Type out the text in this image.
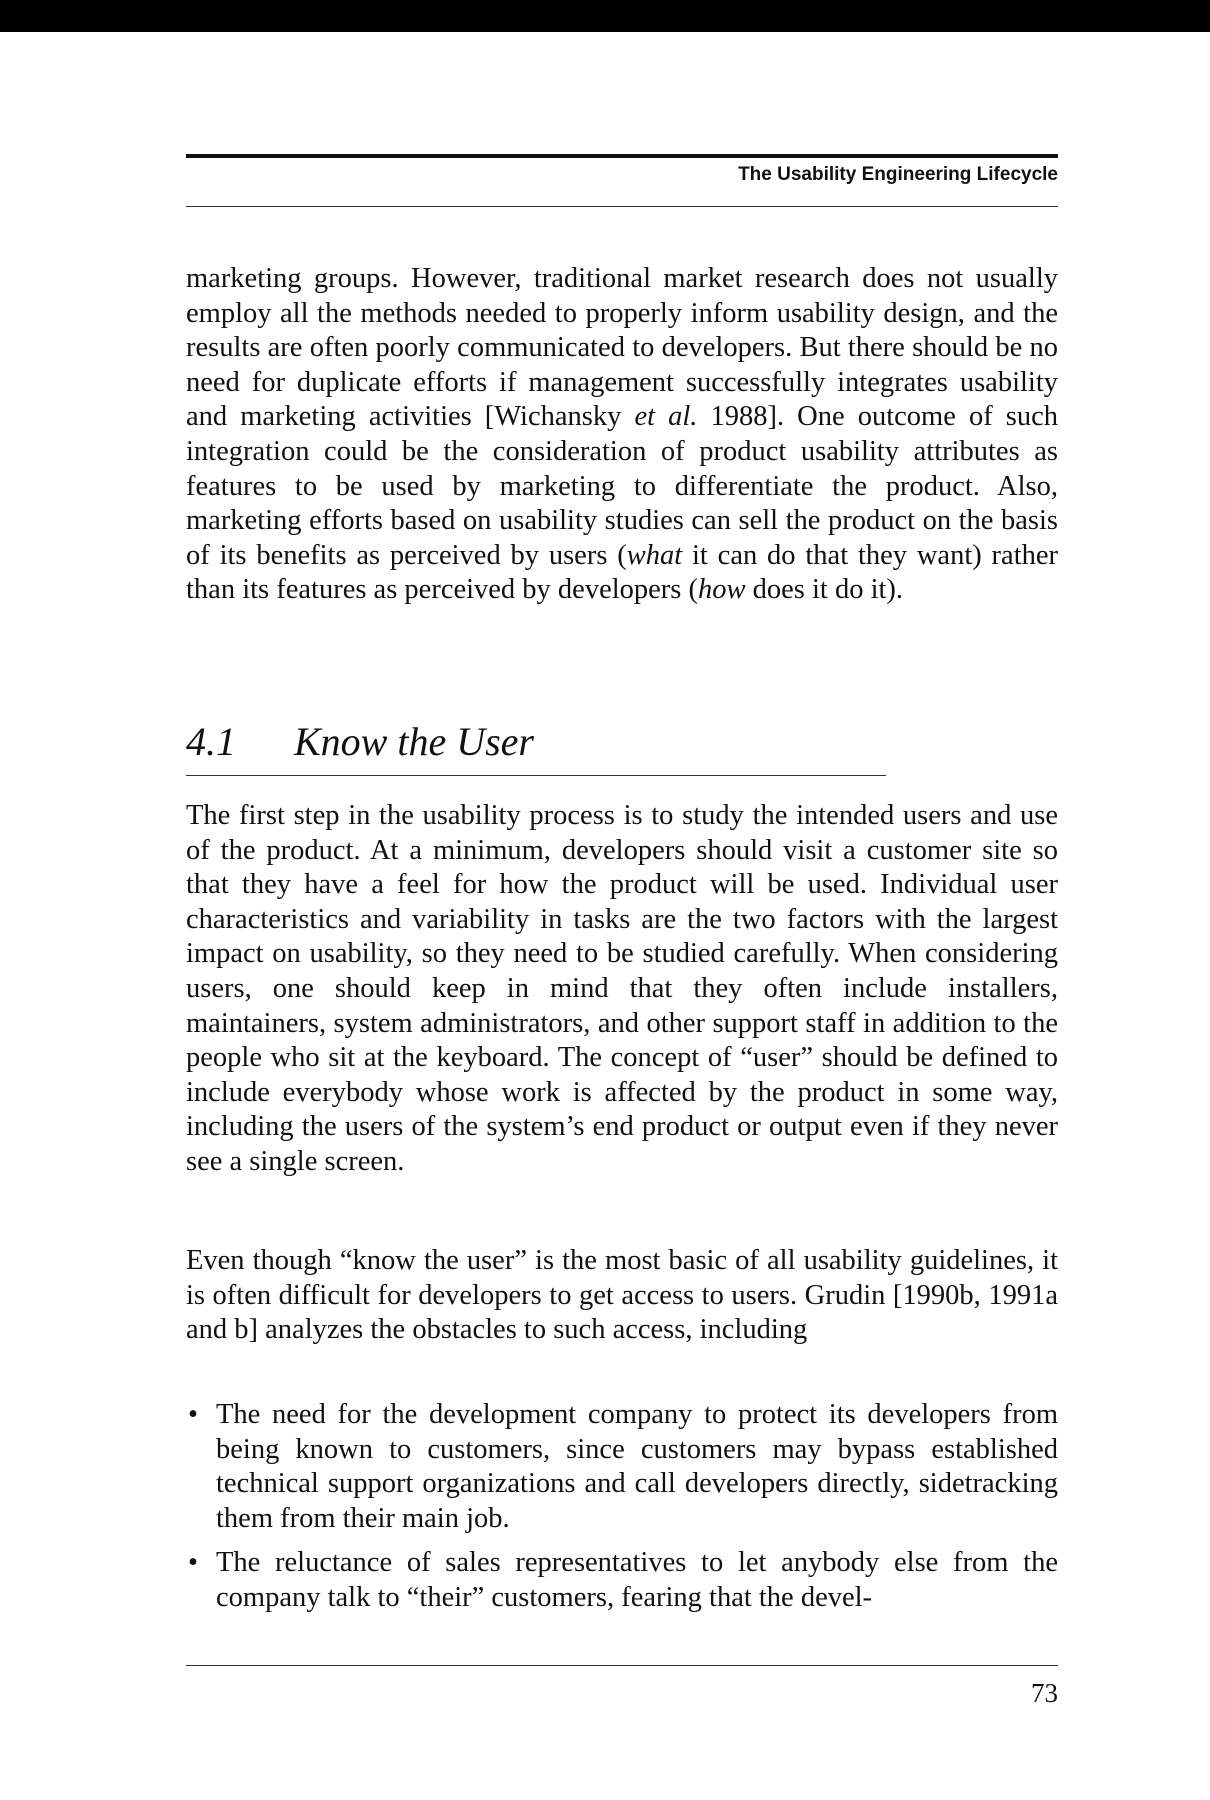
The Usability Engineering Lifecycle

marketing groups. However, traditional market research does not usually employ all the methods needed to properly inform usability design, and the results are often poorly communicated to developers. But there should be no need for duplicate efforts if management successfully integrates usability and marketing activities [Wichansky et al. 1988]. One outcome of such integration could be the consideration of product usability attributes as features to be used by marketing to differentiate the product. Also, marketing efforts based on usability studies can sell the product on the basis of its benefits as perceived by users (what it can do that they want) rather than its features as perceived by developers (how does it do it).

4.1 Know the User

The first step in the usability process is to study the intended users and use of the product. At a minimum, developers should visit a customer site so that they have a feel for how the product will be used. Individual user characteristics and variability in tasks are the two factors with the largest impact on usability, so they need to be studied carefully. When considering users, one should keep in mind that they often include installers, maintainers, system administrators, and other support staff in addition to the people who sit at the keyboard. The concept of “user” should be defined to include everybody whose work is affected by the product in some way, including the users of the system’s end product or output even if they never see a single screen.

Even though “know the user” is the most basic of all usability guidelines, it is often difficult for developers to get access to users. Grudin [1990b, 1991a and b] analyzes the obstacles to such access, including

• The need for the development company to protect its developers from being known to customers, since customers may bypass established technical support organizations and call developers directly, sidetracking them from their main job.
• The reluctance of sales representatives to let anybody else from the company talk to “their” customers, fearing that the devel-
73
